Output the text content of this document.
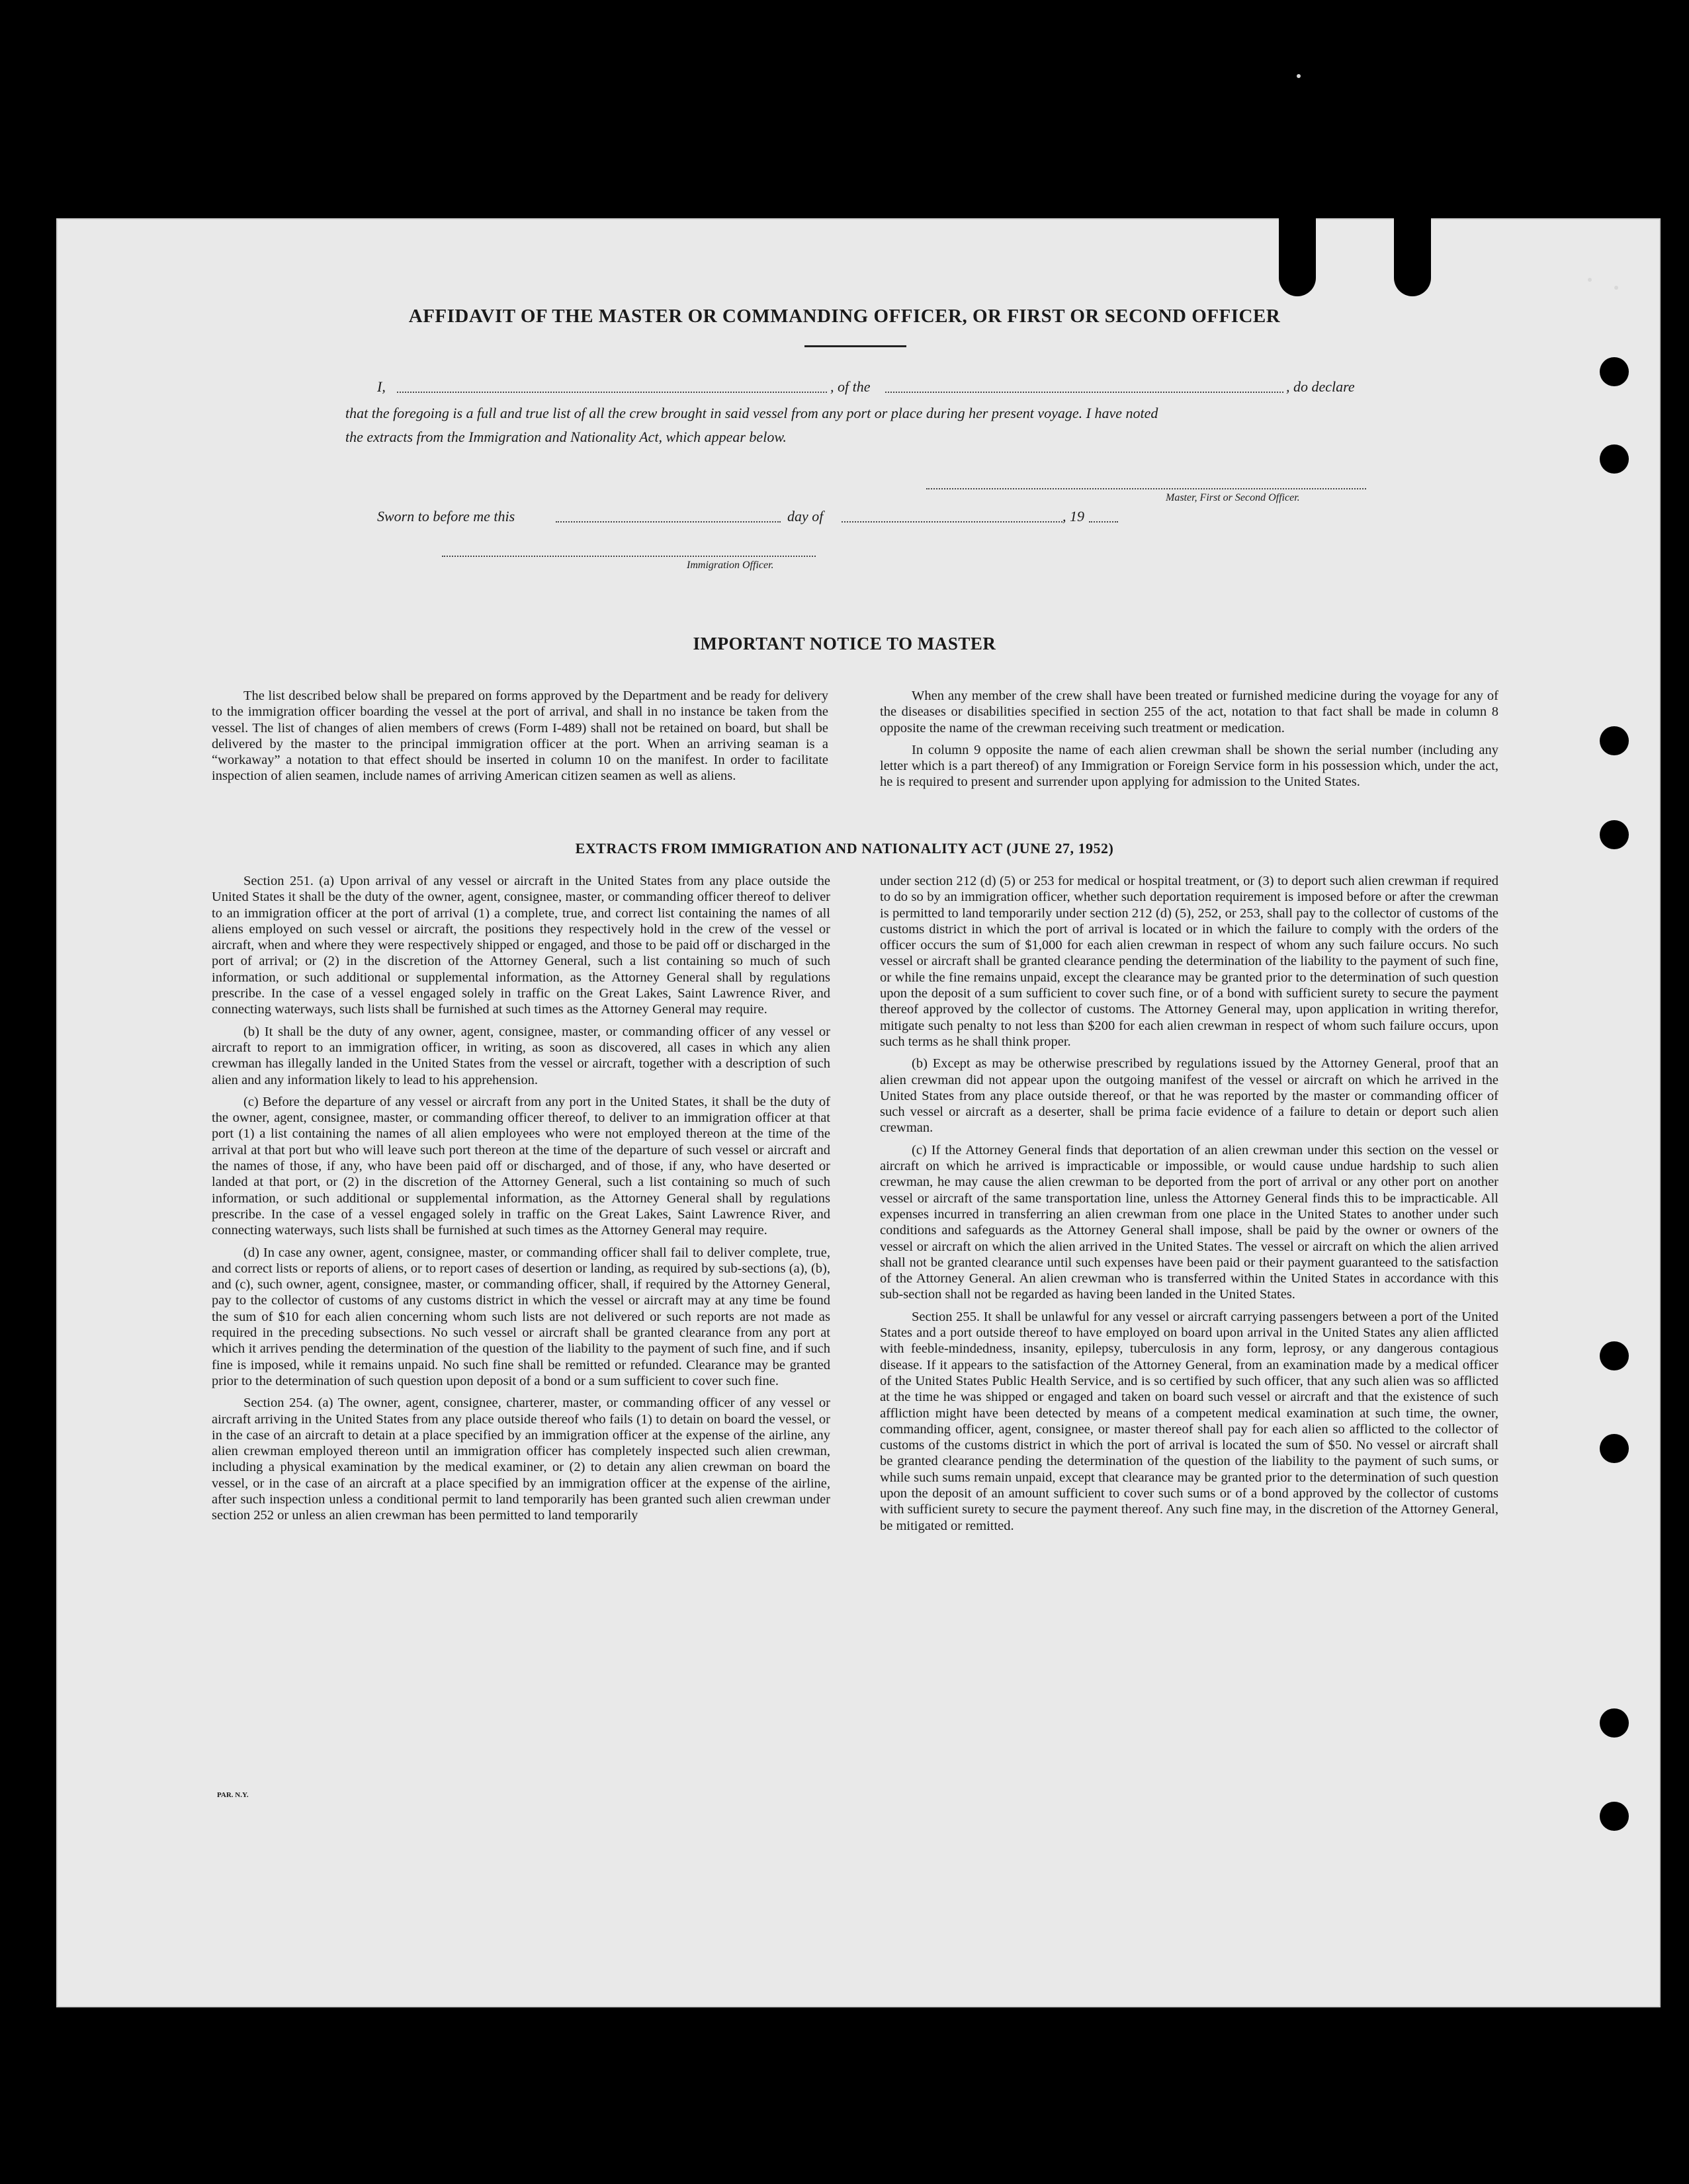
AFFIDAVIT OF THE MASTER OR COMMANDING OFFICER, OR FIRST OR SECOND OFFICER
I,	, of the	, do declare
that the foregoing is a full and true list of all the crew brought in said vessel from any port or place during her present voyage. I have noted
the extracts from the Immigration and Nationality Act, which appear below.
Master, First or Second Officer.
Sworn to before me this	day of	, 19
Immigration Officer.
IMPORTANT NOTICE TO MASTER

The list described below shall be prepared on forms approved by the Department and be ready for delivery to the immigration officer boarding the vessel at the port of arrival, and shall in no instance be taken from the vessel. The list of changes of alien members of crews (Form I-489) shall not be retained on board, but shall be delivered by the master to the principal immigration officer at the port. When an arriving seaman is a “workaway” a notation to that effect should be inserted in column 10 on the manifest. In order to facilitate inspection of alien seamen, include names of arriving American citizen seamen as well as aliens.

When any member of the crew shall have been treated or furnished medicine during the voyage for any of the diseases or disabilities specified in section 255 of the act, notation to that fact shall be made in column 8 opposite the name of the crewman receiving such treatment or medication.

In column 9 opposite the name of each alien crewman shall be shown the serial number (including any letter which is a part thereof) of any Immigration or Foreign Service form in his possession which, under the act, he is required to present and surrender upon applying for admission to the United States.

EXTRACTS FROM IMMIGRATION AND NATIONALITY ACT (JUNE 27, 1952)

Section 251. (a) Upon arrival of any vessel or aircraft in the United States from any place outside the United States it shall be the duty of the owner, agent, consignee, master, or commanding officer thereof to deliver to an immigration officer at the port of arrival (1) a complete, true, and correct list containing the names of all aliens employed on such vessel or aircraft, the positions they respectively hold in the crew of the vessel or aircraft, when and where they were respectively shipped or engaged, and those to be paid off or discharged in the port of arrival; or (2) in the discretion of the Attorney General, such a list containing so much of such information, or such additional or supplemental information, as the Attorney General shall by regulations prescribe. In the case of a vessel engaged solely in traffic on the Great Lakes, Saint Lawrence River, and connecting waterways, such lists shall be furnished at such times as the Attorney General may require.

(b) It shall be the duty of any owner, agent, consignee, master, or commanding officer of any vessel or aircraft to report to an immigration officer, in writing, as soon as discovered, all cases in which any alien crewman has illegally landed in the United States from the vessel or aircraft, together with a description of such alien and any information likely to lead to his apprehension.

(c) Before the departure of any vessel or aircraft from any port in the United States, it shall be the duty of the owner, agent, consignee, master, or commanding officer thereof, to deliver to an immigration officer at that port (1) a list containing the names of all alien employees who were not employed thereon at the time of the arrival at that port but who will leave such port thereon at the time of the departure of such vessel or aircraft and the names of those, if any, who have been paid off or discharged, and of those, if any, who have deserted or landed at that port, or (2) in the discretion of the Attorney General, such a list containing so much of such information, or such additional or supplemental information, as the Attorney General shall by regulations prescribe. In the case of a vessel engaged solely in traffic on the Great Lakes, Saint Lawrence River, and connecting waterways, such lists shall be furnished at such times as the Attorney General may require.

(d) In case any owner, agent, consignee, master, or commanding officer shall fail to deliver complete, true, and correct lists or reports of aliens, or to report cases of desertion or landing, as required by sub-sections (a), (b), and (c), such owner, agent, consignee, master, or commanding officer, shall, if required by the Attorney General, pay to the collector of customs of any customs district in which the vessel or aircraft may at any time be found the sum of $10 for each alien concerning whom such lists are not delivered or such reports are not made as required in the preceding subsections. No such vessel or aircraft shall be granted clearance from any port at which it arrives pending the determination of the question of the liability to the payment of such fine, and if such fine is imposed, while it remains unpaid. No such fine shall be remitted or refunded. Clearance may be granted prior to the determination of such question upon deposit of a bond or a sum sufficient to cover such fine.

Section 254. (a) The owner, agent, consignee, charterer, master, or commanding officer of any vessel or aircraft arriving in the United States from any place outside thereof who fails (1) to detain on board the vessel, or in the case of an aircraft to detain at a place specified by an immigration officer at the expense of the airline, any alien crewman employed thereon until an immigration officer has completely inspected such alien crewman, including a physical examination by the medical examiner, or (2) to detain any alien crewman on board the vessel, or in the case of an aircraft at a place specified by an immigration officer at the expense of the airline, after such inspection unless a conditional permit to land temporarily has been granted such alien crewman under section 252 or unless an alien crewman has been permitted to land temporarily

under section 212 (d) (5) or 253 for medical or hospital treatment, or (3) to deport such alien crewman if required to do so by an immigration officer, whether such deportation requirement is imposed before or after the crewman is permitted to land temporarily under section 212 (d) (5), 252, or 253, shall pay to the collector of customs of the customs district in which the port of arrival is located or in which the failure to comply with the orders of the officer occurs the sum of $1,000 for each alien crewman in respect of whom any such failure occurs. No such vessel or aircraft shall be granted clearance pending the determination of the liability to the payment of such fine, or while the fine remains unpaid, except the clearance may be granted prior to the determination of such question upon the deposit of a sum sufficient to cover such fine, or of a bond with sufficient surety to secure the payment thereof approved by the collector of customs. The Attorney General may, upon application in writing therefor, mitigate such penalty to not less than $200 for each alien crewman in respect of whom such failure occurs, upon such terms as he shall think proper.

(b) Except as may be otherwise prescribed by regulations issued by the Attorney General, proof that an alien crewman did not appear upon the outgoing manifest of the vessel or aircraft on which he arrived in the United States from any place outside thereof, or that he was reported by the master or commanding officer of such vessel or aircraft as a deserter, shall be prima facie evidence of a failure to detain or deport such alien crewman.

(c) If the Attorney General finds that deportation of an alien crewman under this section on the vessel or aircraft on which he arrived is impracticable or impossible, or would cause undue hardship to such alien crewman, he may cause the alien crewman to be deported from the port of arrival or any other port on another vessel or aircraft of the same transportation line, unless the Attorney General finds this to be impracticable. All expenses incurred in transferring an alien crewman from one place in the United States to another under such conditions and safeguards as the Attorney General shall impose, shall be paid by the owner or owners of the vessel or aircraft on which the alien arrived in the United States. The vessel or aircraft on which the alien arrived shall not be granted clearance until such expenses have been paid or their payment guaranteed to the satisfaction of the Attorney General. An alien crewman who is transferred within the United States in accordance with this sub-section shall not be regarded as having been landed in the United States.

Section 255. It shall be unlawful for any vessel or aircraft carrying passengers between a port of the United States and a port outside thereof to have employed on board upon arrival in the United States any alien afflicted with feeble-mindedness, insanity, epilepsy, tuberculosis in any form, leprosy, or any dangerous contagious disease. If it appears to the satisfaction of the Attorney General, from an examination made by a medical officer of the United States Public Health Service, and is so certified by such officer, that any such alien was so afflicted at the time he was shipped or engaged and taken on board such vessel or aircraft and that the existence of such affliction might have been detected by means of a competent medical examination at such time, the owner, commanding officer, agent, consignee, or master thereof shall pay for each alien so afflicted to the collector of customs of the customs district in which the port of arrival is located the sum of $50. No vessel or aircraft shall be granted clearance pending the determination of the question of the liability to the payment of such sums, or while such sums remain unpaid, except that clearance may be granted prior to the determination of such question upon the deposit of an amount sufficient to cover such sums or of a bond approved by the collector of customs with sufficient surety to secure the payment thereof. Any such fine may, in the discretion of the Attorney General, be mitigated or remitted.

PAR. N.Y.
